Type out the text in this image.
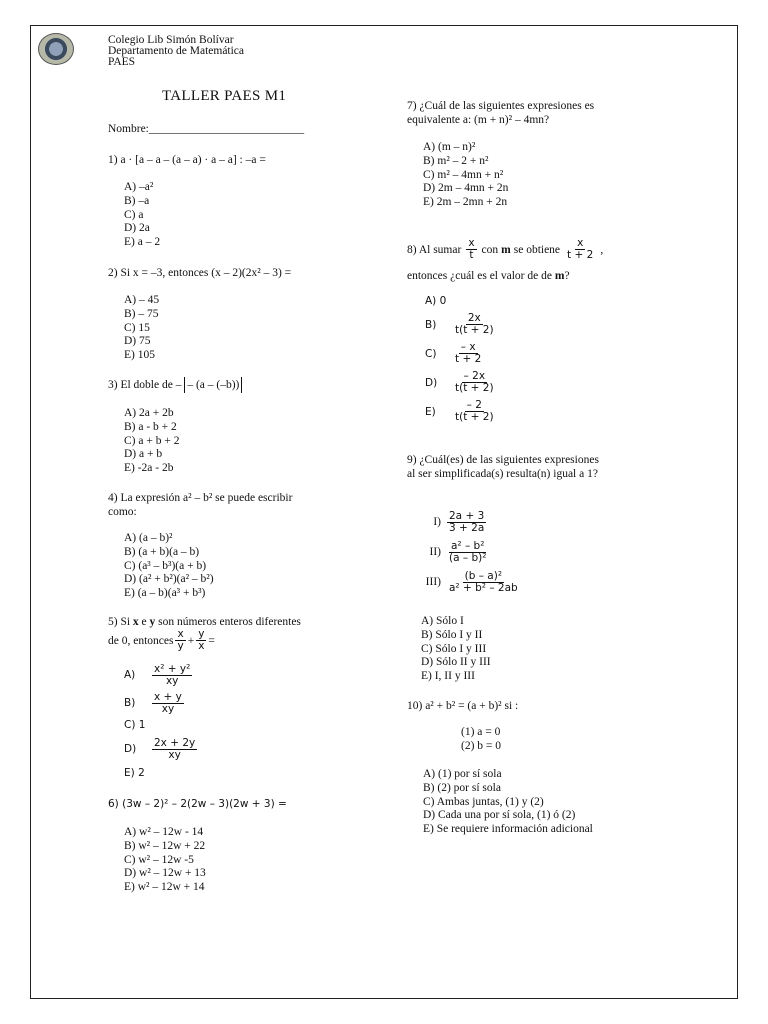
Colegio Lib Simón Bolívar
Departamento de Matemática
PAES
TALLER PAES M1
Nombre:___________________________
1) a · [a – a – (a – a) · a – a] : –a =
A) –a²
B) –a
C) a
D) 2a
E) a – 2
2) Si x = –3, entonces (x – 2)(2x² – 3) =
A) – 45
B) – 75
C) 15
D) 75
E) 105
3) El doble de – – (a – (–b))
A) 2a + 2b
B) a - b + 2
C) a + b + 2
D) a + b
E) -2a - 2b
4) La expresión a² – b² se puede escribir
como:
A) (a – b)²
B) (a + b)(a – b)
C) (a³ – b³)(a + b)
D) (a² + b²)(a² – b²)
E) (a – b)(a³ + b³)
5) Si x e y son números enteros diferentes
de 0, entonces $\frac{x}{y} + \frac{y}{x}$ =
A)	$\frac{\text{x² + y²}}{xy}$
B)	$\frac{x + y}{xy}$
C) 1
D)	$\frac{2x + 2y}{xy}$
E) 2
6) (3w – 2)² – 2(2w – 3)(2w + 3) =
A) w² – 12w - 14
B) w² – 12w + 22
C) w² – 12w -5
D) w² – 12w + 13
E) w² – 12w + 14
7) ¿Cuál de las siguientes expresiones es
equivalente a: (m + n)² – 4mn?
A) (m – n)²
B) m² – 2 + n²
C) m² – 4mn + n²
D) 2m – 4mn + 2n
E) 2m – 2mn + 2n
8) Al sumar $\frac{x}{t}$ con m se obtiene $\frac{x}{t + 2}$ ,
entonces ¿cuál es el valor de de m?
A) 0
B)	$\frac{2x}{t(t + 2)}$
C)	$\frac{- x}{t + 2}$
D)	$\frac{- 2x}{t(t + 2)}$
E)	$\frac{- 2}{t(t + 2)}$
9) ¿Cuál(es) de las siguientes expresiones
al ser simplificada(s) resulta(n) igual a 1?
$I) \frac{2a + 3}{3 + 2a}$
$II) \frac{\text{a² – b²}}{\text{(a – b)²}}$
$III) \frac{\text{(b – a)²}}{\text{a² + b² – 2ab}}$
A) Sólo I
B) Sólo I y II
C) Sólo I y III
D) Sólo II y III
E) I, II y III
10) a² + b² = (a + b)² si :
(1) a = 0
(2) b = 0
A) (1) por sí sola
B) (2) por sí sola
C) Ambas juntas, (1) y (2)
D) Cada una por sí sola, (1) ó (2)
E) Se requiere información adicional
